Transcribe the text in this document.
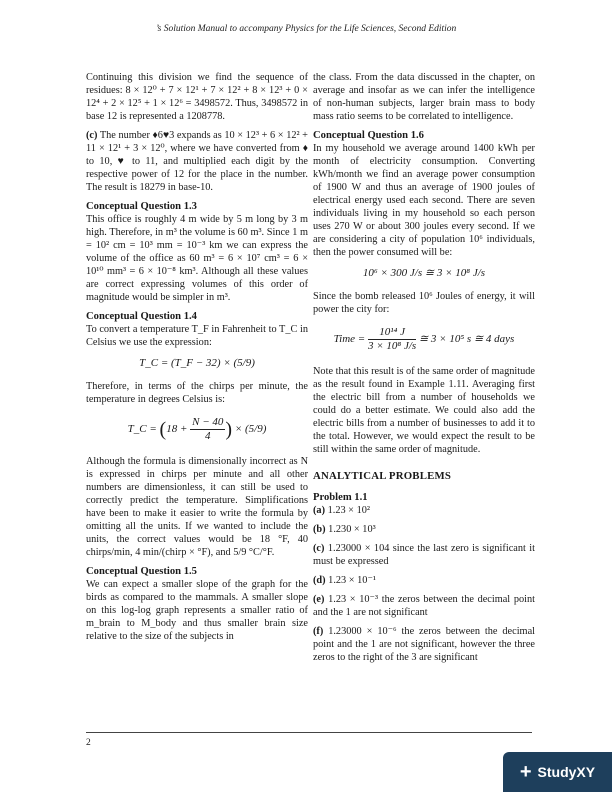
’s Solution Manual to accompany Physics for the Life Sciences, Second Edition

Continuing this division we find the sequence of residues: 8 × 12⁰ + 7 × 12¹ + 7 × 12² + 8 × 12³ + 0 × 12⁴ + 2 × 12⁵ + 1 × 12⁶ = 3498572. Thus, 3498572 in base 12 is represented a 1208778.

(c) The number ♦6♥3 expands as 10 × 12³ + 6 × 12² + 11 × 12¹ + 3 × 12⁰, where we have converted from ♦ to 10, ♥ to 11, and multiplied each digit by the respective power of 12 for the place in the number. The result is 18279 in base-10.

Conceptual Question 1.3

This office is roughly 4 m wide by 5 m long by 3 m high. Therefore, in m³ the volume is 60 m³. Since 1 m = 10² cm = 10³ mm = 10⁻³ km we can express the volume of the office as 60 m³ = 6 × 10⁷ cm³ = 6 × 10¹⁰ mm³ = 6 × 10⁻⁸ km³. Although all these values are correct expressing volumes of this order of magnitude would be simpler in m³.

Conceptual Question 1.4

To convert a temperature T_F in Fahrenheit to T_C in Celsius we use the expression:

T_C = (T_F − 32) × (5/9)

Therefore, in terms of the chirps per minute, the temperature in degrees Celsius is:

T_C = ($18 + \frac{N - 40}{4}$ ) × (5/9)

Although the formula is dimensionally incorrect as N is expressed in chirps per minute and all other numbers are dimensionless, it can still be used to correctly predict the temperature. Simplifications have been to make it easier to write the formula by omitting all the units. If we wanted to include the units, the correct values would be 18 °F, 40 chirps/min, 4 min/(chirp × °F), and 5/9 °C/°F.

Conceptual Question 1.5

We can expect a smaller slope of the graph for the birds as compared to the mammals. A smaller slope on this log-log graph represents a smaller ratio of m_brain to M_body and thus smaller brain size relative to the size of the subjects in

the class. From the data discussed in the chapter, on average and insofar as we can infer the intelligence of non-human subjects, larger brain mass to body mass ratio seems to be correlated to intelligence.

Conceptual Question 1.6

In my household we average around 1400 kWh per month of electricity consumption. Converting kWh/month we find an average power consumption of 1900 W and thus an average of 1900 joules of electrical energy used each second. There are seven individuals living in my household so each person uses 270 W or about 300 joules every second. If we are considering a city of population 10⁶ individuals, then the power consumed will be:

10⁶ × 300 J/s ≅ 3 × 10⁸ J/s

Since the bomb released 10⁶ Joules of energy, it will power the city for:

Time = $\frac{\text{10¹⁴ J}}{\text{3 × 10⁸ J/s}}$ ≅ 3 × 10⁵ s ≅ 4 days

Note that this result is of the same order of magnitude as the result found in Example 1.11. Averaging first the electric bill from a number of households we could do a better estimate. We could also add the electric bills from a number of businesses to add it to the total. However, we would expect the result to be still within the same order of magnitude.

ANALYTICAL PROBLEMS
Problem 1.1

(a) 1.23 × 10²

(b) 1.230 × 10³

(c) 1.23000 × 104 since the last zero is significant it must be expressed

(d) 1.23 × 10⁻¹

(e) 1.23 × 10⁻³ the zeros between the decimal point and the 1 are not significant

(f) 1.23000 × 10⁻⁶ the zeros between the decimal point and the 1 are not significant, however the three zeros to the right of the 3 are significant

2
+ StudyXY
